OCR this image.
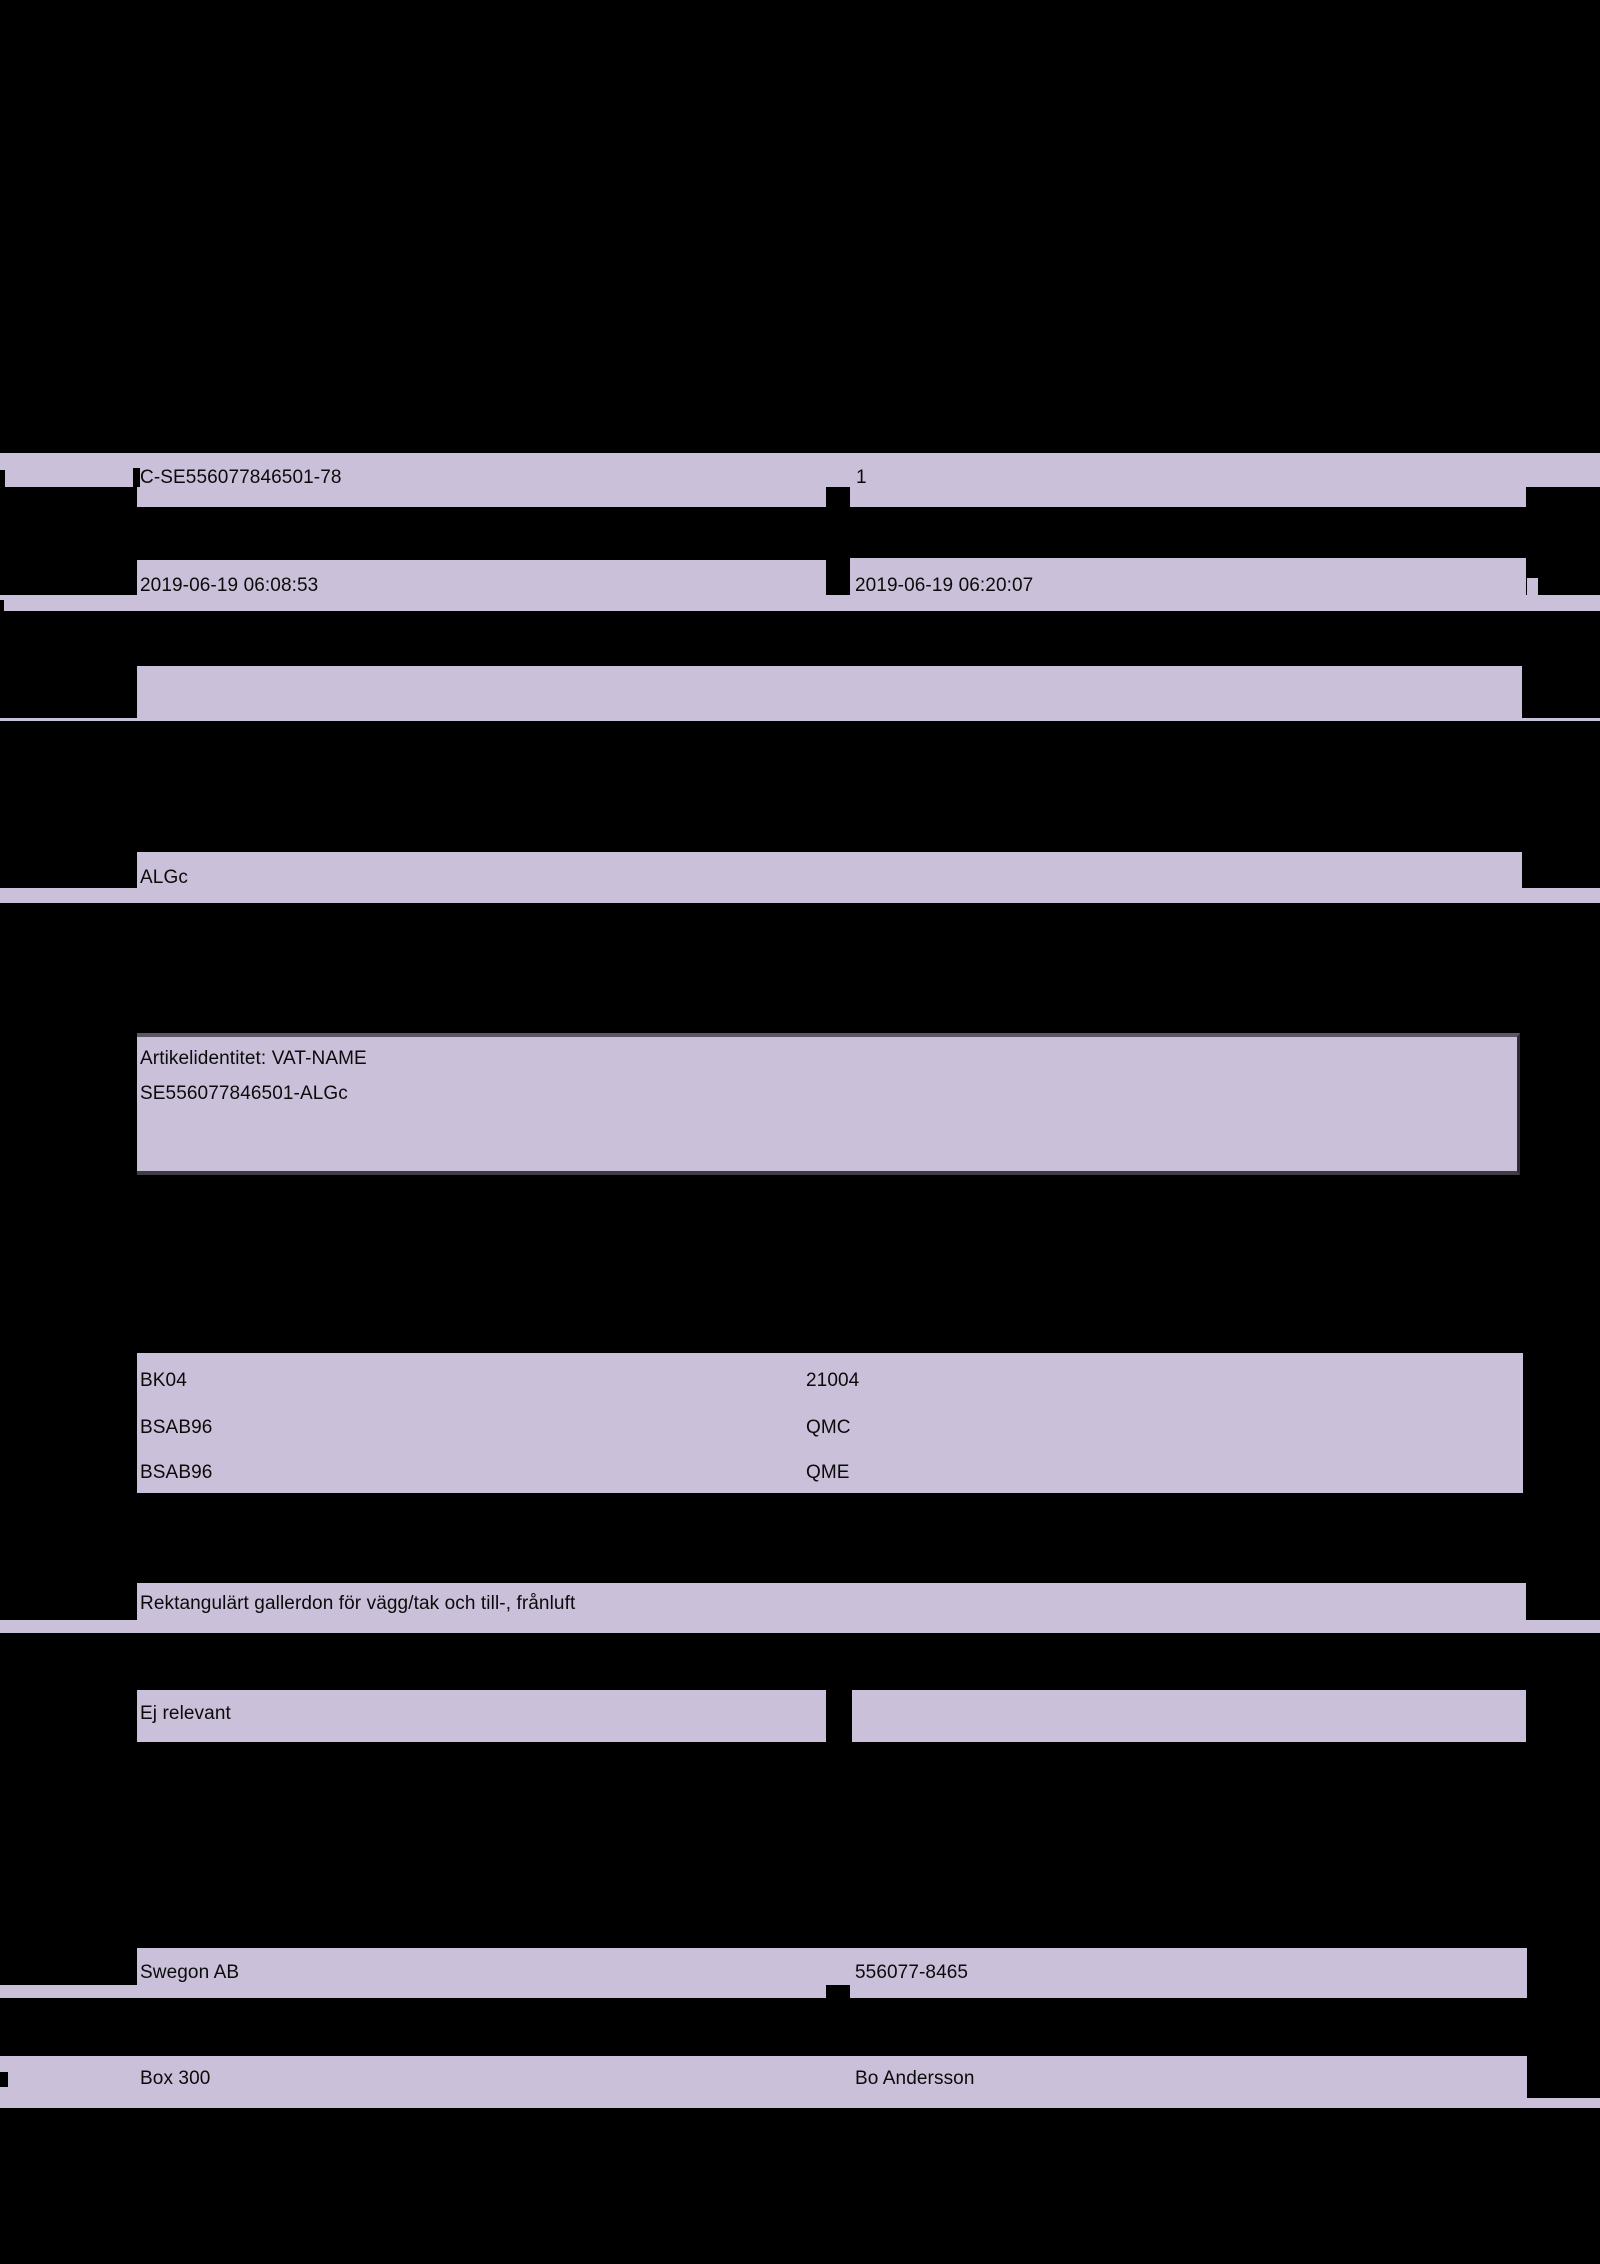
C-SE556077846501-78	1
2019-06-19 06:08:53	2019-06-19 06:20:07
ALGc
Artikelidentitet: VAT-NAME
SE556077846501-ALGc
BK04	21004
BSAB96	QMC
BSAB96	QME
Rektangulärt gallerdon för vägg/tak och till-, frånluft
Ej relevant
Swegon AB	556077-8465
Box 300	Bo Andersson
